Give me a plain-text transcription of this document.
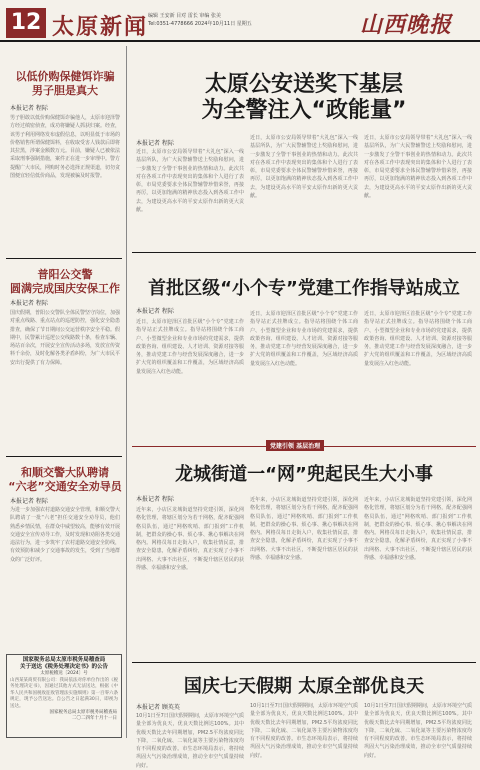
12 太原新闻 编辑 王安新 目对 雷长 审编 张美
Tel:0351-4778666 2024年10月11日 星期五	山西晚报
以低价购保健饵诈骗
男子胆是真大
本报记者 程际
男子胆敢以低价购保健饵诈骗他人，太原市迎泽警方经过缜密侦查，成功将嫌疑人抓获归案。经查，该男子利用网络发布虚假信息，以明显低于市场的价格销售所谓保健饵料，在收取受害人钱款后即将其拉黑，涉案金额数万元。目前，嫌疑人已被依法采取刑事强制措施，案件正在进一步审理中。警方提醒广大市民，网购时务必选择正规渠道，切勿贪图便宜轻信低价商品，发现被骗及时报警。
普阳公交警
圆满完成国庆安保工作
本报记者 程际
国庆假期，普阳公交警队全体民警坚守岗位，加强对重点线路、重点站点的巡逻防控，强化安全隐患排查，确保了节日期间公交运营秩序安全平稳。假期中，民警累计巡逻公交线路数十条，检查车辆、场站百余次，开展安全宣传活动多场，发放宣传资料千余份，及时化解各类矛盾纠纷，为广大市民平安出行提供了有力保障。
和顺交警大队聘请
“六老”交通安全劝导员
本报记者 程际
为进一步加强农村道路交通安全管理，和顺交警大队聘请了一批“六老”担任交通安全劝导员，他们熟悉乡情民情，在群众中威望较高，能够有效开展交通安全宣传劝导工作，及时发现和劝阻各类交通违法行为，进一步筑牢了农村道路交通安全防线，有效预防和减少了交通事故的发生，受到了当地群众的广泛好评。
国家税务总局太原市税务局稽查局
关于送达《税务处理决定书》的公告
太原税稽送〔2024〕号
山西某某商贸有限公司：我局依法对你单位作出的《税务处理决定书》，因通过其他方式无法送达，根据《中华人民共和国税收征收管理法实施细则》第一百零六条规定，现予公告送达。自公告之日起满30日，即视为送达。
国家税务总局太原市税务局稽查局
二〇二四年十月十一日
太原公安送奖下基层
为全警注入“政能量”
本报记者 程际
近日，太原市公安局领导带着“大礼包”深入一线基层所队，为广大民警辅警送上奖励和慰问，进一步激发了全警干事创业的热情和动力。此次共对在各项工作中表现突出的集体和个人进行了表彰，市局党委要求全体民警辅警珍惜荣誉，再接再厉，以更加饱满的精神状态投入到各项工作中去，为建设更高水平的平安太原作出新的更大贡献。
近日，太原市公安局领导带着“大礼包”深入一线基层所队，为广大民警辅警送上奖励和慰问，进一步激发了全警干事创业的热情和动力。此次共对在各项工作中表现突出的集体和个人进行了表彰，市局党委要求全体民警辅警珍惜荣誉，再接再厉，以更加饱满的精神状态投入到各项工作中去，为建设更高水平的平安太原作出新的更大贡献。
近日，太原市公安局领导带着“大礼包”深入一线基层所队，为广大民警辅警送上奖励和慰问，进一步激发了全警干事创业的热情和动力。此次共对在各项工作中表现突出的集体和个人进行了表彰，市局党委要求全体民警辅警珍惜荣誉，再接再厉，以更加饱满的精神状态投入到各项工作中去，为建设更高水平的平安太原作出新的更大贡献。
首批区级“小个专”党建工作指导站成立
本报记者 程际
近日，太原市迎泽区首批区级“小个专”党建工作指导站正式挂牌成立。指导站将围绕个体工商户、小型微型企业和专业市场的党建需求，提供政策咨询、组织建设、人才培训、资源对接等服务，推动党建工作与经营发展深度融合，进一步扩大党的组织覆盖和工作覆盖，为区域经济高质量发展注入红色动能。
近日，太原市迎泽区首批区级“小个专”党建工作指导站正式挂牌成立。指导站将围绕个体工商户、小型微型企业和专业市场的党建需求，提供政策咨询、组织建设、人才培训、资源对接等服务，推动党建工作与经营发展深度融合，进一步扩大党的组织覆盖和工作覆盖，为区域经济高质量发展注入红色动能。
近日，太原市迎泽区首批区级“小个专”党建工作指导站正式挂牌成立。指导站将围绕个体工商户、小型微型企业和专业市场的党建需求，提供政策咨询、组织建设、人才培训、资源对接等服务，推动党建工作与经营发展深度融合，进一步扩大党的组织覆盖和工作覆盖，为区域经济高质量发展注入红色动能。
党建引领 基层治理
龙城街道一“网”兜起民生大小事
本报记者 程际
近年来，小店区龙城街道坚持党建引领，深化网格化管理，将辖区划分为若干网格，配齐配强网格员队伍，通过“网格吹哨、部门报到”工作机制，把群众的操心事、烦心事、揪心事解决在网格内。网格员每日走街入户，收集社情民意，排查安全隐患，化解矛盾纠纷，真正实现了小事不出网格、大事不出社区，不断提升辖区居民的获得感、幸福感和安全感。
近年来，小店区龙城街道坚持党建引领，深化网格化管理，将辖区划分为若干网格，配齐配强网格员队伍，通过“网格吹哨、部门报到”工作机制，把群众的操心事、烦心事、揪心事解决在网格内。网格员每日走街入户，收集社情民意，排查安全隐患，化解矛盾纠纷，真正实现了小事不出网格、大事不出社区，不断提升辖区居民的获得感、幸福感和安全感。
近年来，小店区龙城街道坚持党建引领，深化网格化管理，将辖区划分为若干网格，配齐配强网格员队伍，通过“网格吹哨、部门报到”工作机制，把群众的操心事、烦心事、揪心事解决在网格内。网格员每日走街入户，收集社情民意，排查安全隐患，化解矛盾纠纷，真正实现了小事不出网格、大事不出社区，不断提升辖区居民的获得感、幸福感和安全感。
国庆七天假期 太原全部优良天
本报记者 顾英英
10月1日至7日国庆假期期间，太原市环境空气质量全部为优良天，优良天数比例达100%。其中优级天数比去年同期增加，PM2.5平均浓度同比下降，二氧化硫、二氧化氮等主要污染物浓度均有不同程度的改善。市生态环境局表示，将持续巩固大气污染治理成效，推动全市空气质量持续向好。
10月1日至7日国庆假期期间，太原市环境空气质量全部为优良天，优良天数比例达100%。其中优级天数比去年同期增加，PM2.5平均浓度同比下降，二氧化硫、二氧化氮等主要污染物浓度均有不同程度的改善。市生态环境局表示，将持续巩固大气污染治理成效，推动全市空气质量持续向好。
10月1日至7日国庆假期期间，太原市环境空气质量全部为优良天，优良天数比例达100%。其中优级天数比去年同期增加，PM2.5平均浓度同比下降，二氧化硫、二氧化氮等主要污染物浓度均有不同程度的改善。市生态环境局表示，将持续巩固大气污染治理成效，推动全市空气质量持续向好。
